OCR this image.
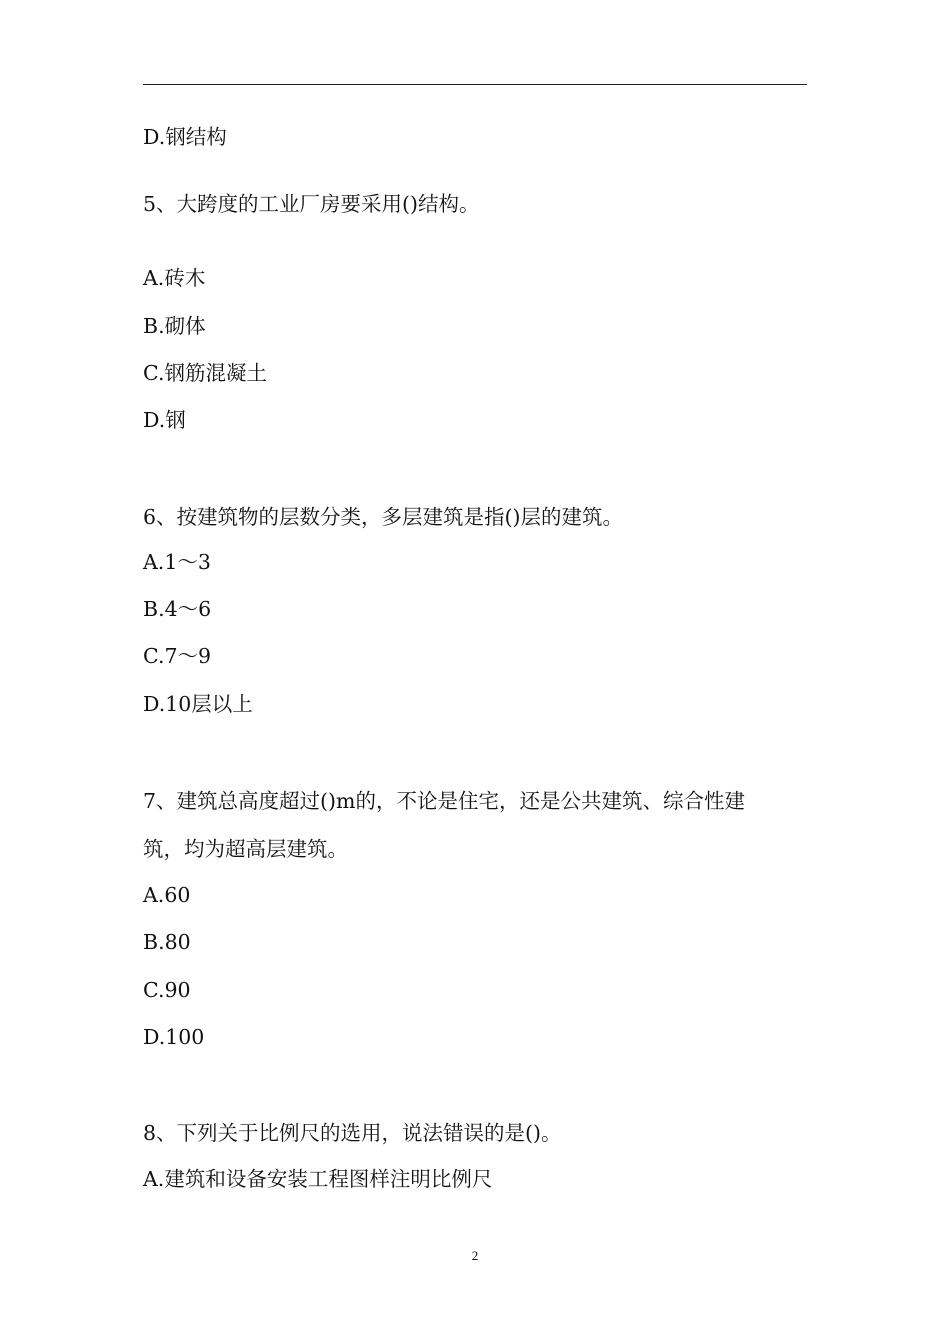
D.钢结构
5、大跨度的工业厂房要采用()结构。
A.砖木
B.砌体
C.钢筋混凝土
D.钢
6、按建筑物的层数分类，多层建筑是指()层的建筑。
A.1～3
B.4～6
C.7～9
D.10层以上
7、建筑总高度超过()m的，不论是住宅，还是公共建筑、综合性建
筑，均为超高层建筑。
A.60
B.80
C.90
D.100
8、下列关于比例尺的选用，说法错误的是()。
A.建筑和设备安装工程图样注明比例尺
2
